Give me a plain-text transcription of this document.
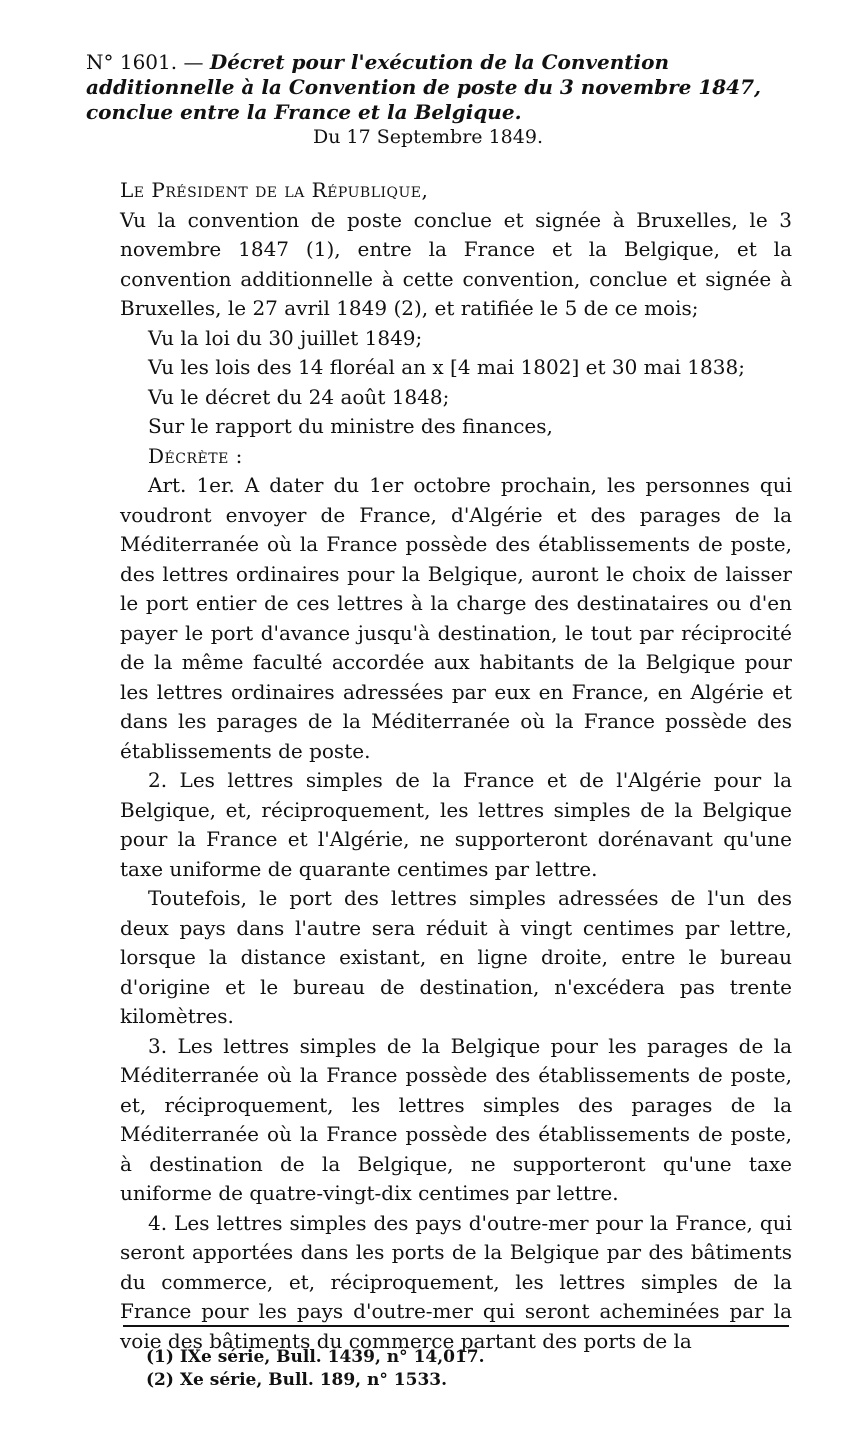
N° 1601. — Décret pour l'exécution de la Convention additionnelle à la Convention de poste du 3 novembre 1847, conclue entre la France et la Belgique.
Du 17 Septembre 1849.

Le Président de la République,

Vu la convention de poste conclue et signée à Bruxelles, le 3 novembre 1847 (1), entre la France et la Belgique, et la convention additionnelle à cette convention, conclue et signée à Bruxelles, le 27 avril 1849 (2), et ratifiée le 5 de ce mois;

Vu la loi du 30 juillet 1849;

Vu les lois des 14 floréal an x [4 mai 1802] et 30 mai 1838;

Vu le décret du 24 août 1848;

Sur le rapport du ministre des finances,

Décrète :

Art. 1er. A dater du 1er octobre prochain, les personnes qui voudront envoyer de France, d'Algérie et des parages de la Méditerranée où la France possède des établissements de poste, des lettres ordinaires pour la Belgique, auront le choix de laisser le port entier de ces lettres à la charge des destinataires ou d'en payer le port d'avance jusqu'à destination, le tout par réciprocité de la même faculté accordée aux habitants de la Belgique pour les lettres ordinaires adressées par eux en France, en Algérie et dans les parages de la Méditerranée où la France possède des établissements de poste.

2. Les lettres simples de la France et de l'Algérie pour la Belgique, et, réciproquement, les lettres simples de la Belgique pour la France et l'Algérie, ne supporteront dorénavant qu'une taxe uniforme de quarante centimes par lettre.

Toutefois, le port des lettres simples adressées de l'un des deux pays dans l'autre sera réduit à vingt centimes par lettre, lorsque la distance existant, en ligne droite, entre le bureau d'origine et le bureau de destination, n'excédera pas trente kilomètres.

3. Les lettres simples de la Belgique pour les parages de la Méditerranée où la France possède des établissements de poste, et, réciproquement, les lettres simples des parages de la Méditerranée où la France possède des établissements de poste, à destination de la Belgique, ne supporteront qu'une taxe uniforme de quatre-vingt-dix centimes par lettre.

4. Les lettres simples des pays d'outre-mer pour la France, qui seront apportées dans les ports de la Belgique par des bâtiments du commerce, et, réciproquement, les lettres simples de la France pour les pays d'outre-mer qui seront acheminées par la voie des bâtiments du commerce partant des ports de la

(1) IXe série, Bull. 1439, n° 14,017.
(2) Xe série, Bull. 189, n° 1533.
